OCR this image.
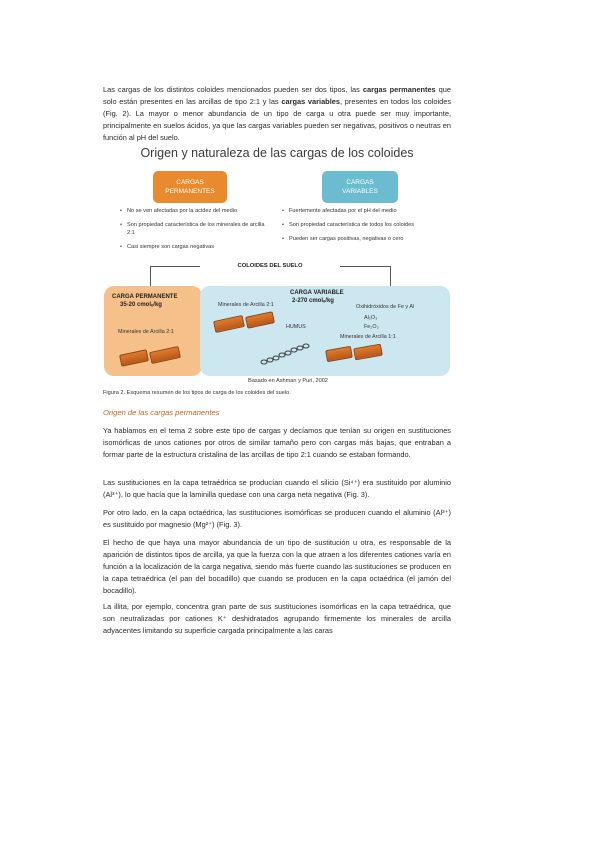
Las cargas de los distintos coloides mencionados pueden ser dos tipos, las cargas permanentes que solo están presentes en las arcillas de tipo 2:1 y las cargas variables, presentes en todos los coloides (Fig. 2). La mayor o menor abundancia de un tipo de carga u otra puede ser muy importante, principalmente en suelos ácidos, ya que las cargas variables pueden ser negativas, positivos o neutras en función al pH del suelo.
Origen y naturaleza de las cargas de los coloides
CARGAS
PERMANENTES
CARGAS
VARIABLES
• No se ven afectadas por la acidez del medio
• Son propiedad característica de los minerales de arcilla 2:1
• Casi siempre son cargas negativas
• Fuertemente afectadas por el pH del medio
• Son propiedad característica de todos los coloides
• Pueden ser cargas positivas, negativas o cero
COLOIDES DEL SUELO
CARGA PERMANENTE
35-20 cmolₑ/kg
Minerales de Arcilla 2:1
CARGA VARIABLE
2-270 cmolₑ/kg
Minerales de Arcilla 2:1	Oxihidróxidos de Fe y Al
Al₂O₃
Fe₂O₃
HUMUS
Minerales de Arcilla 1:1
Basado en Ashman y Puri, 2002
Figura 2. Esquema resumen de los tipos de carga de los coloides del suelo.
Origen de las cargas permanentes
Ya hablamos en el tema 2 sobre este tipo de cargas y decíamos que tenían su origen en sustituciones isomórficas de unos cationes por otros de similar tamaño pero con cargas más bajas, que entraban a formar parte de la estructura cristalina de las arcillas de tipo 2:1 cuando se estaban formando.
Las sustituciones en la capa tetraédrica se producían cuando el silicio (Si⁴⁺) era sustituido por aluminio (Al³⁺), lo que hacía que la laminilla quedase con una carga neta negativa (Fig. 3).
Por otro lado, en la capa octaédrica, las sustituciones isomórficas se producen cuando el aluminio (Al³⁺) es sustituido por magnesio (Mg²⁺) (Fig. 3).
El hecho de que haya una mayor abundancia de un tipo de sustitución u otra, es responsable de la aparición de distintos tipos de arcilla, ya que la fuerza con la que atraen a los diferentes cationes varía en función a la localización de la carga negativa, siendo más fuerte cuando las sustituciones se producen en la capa tetraédrica (el pan del bocadillo) que cuando se producen en la capa octaédrica (el jamón del bocadillo).
La illita, por ejemplo, concentra gran parte de sus sustituciones isomórficas en la capa tetraédrica, que son neutralizadas por cationes K⁺ deshidratados agrupando firmemente los minerales de arcilla adyacentes limitando su superficie cargada principalmente a las caras
